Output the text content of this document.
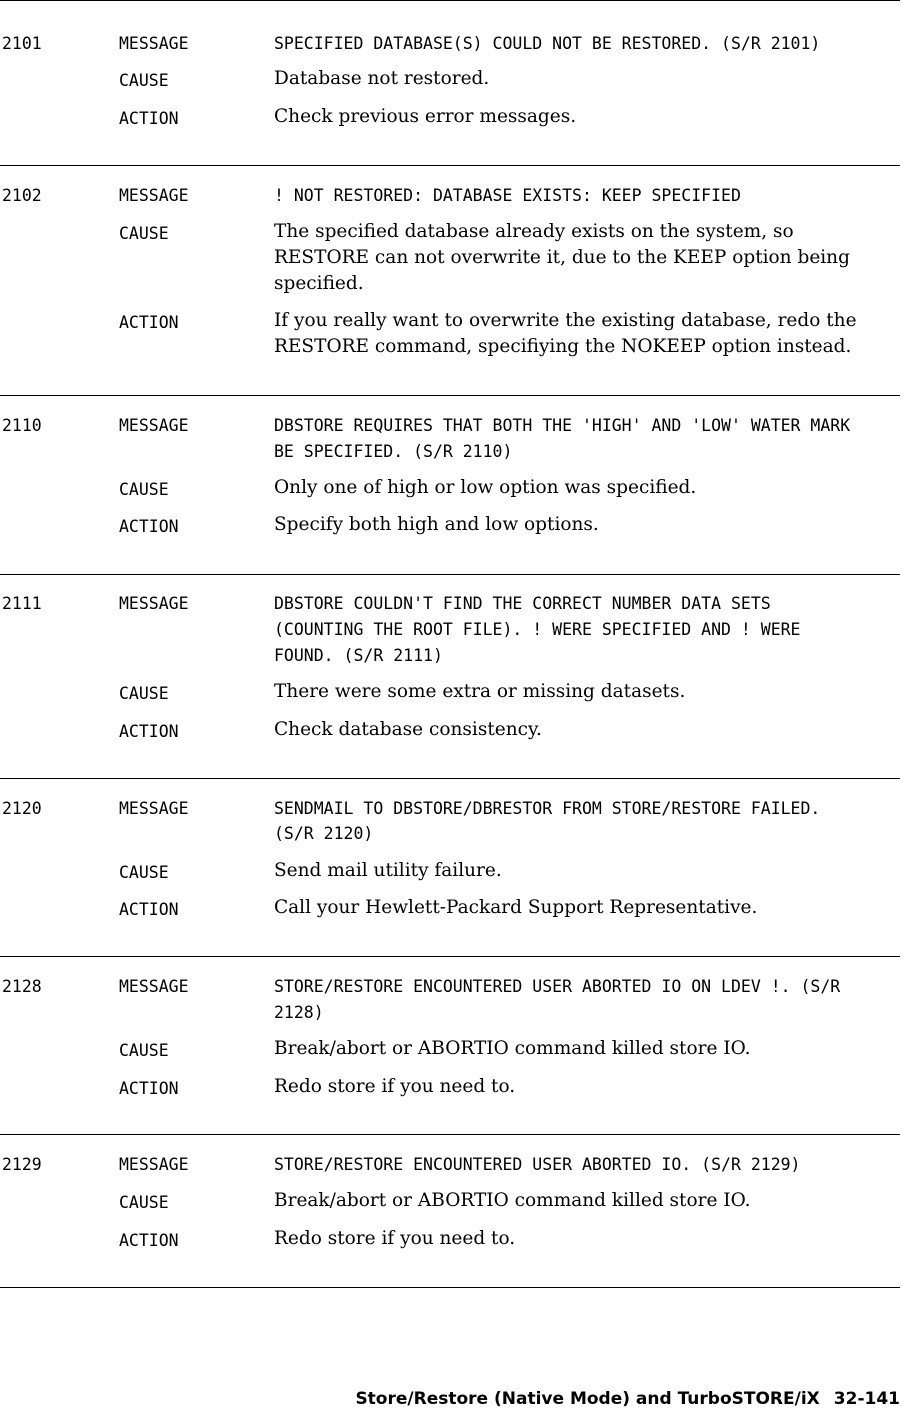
2101	MESSAGE	SPECIFIED DATABASE(S) COULD NOT BE RESTORED. (S/R 2101)
CAUSE	Database not restored.
ACTION	Check previous error messages.
2102	MESSAGE	! NOT RESTORED: DATABASE EXISTS: KEEP SPECIFIED
CAUSE	The specified database already exists on the system, so
RESTORE can not overwrite it, due to the KEEP option being
specified.
ACTION	If you really want to overwrite the existing database, redo the
RESTORE command, specifiying the NOKEEP option instead.
2110	MESSAGE	DBSTORE REQUIRES THAT BOTH THE 'HIGH' AND 'LOW' WATER MARK
BE SPECIFIED. (S/R 2110)
CAUSE	Only one of high or low option was specified.
ACTION	Specify both high and low options.
2111	MESSAGE	DBSTORE COULDN'T FIND THE CORRECT NUMBER DATA SETS
(COUNTING THE ROOT FILE). ! WERE SPECIFIED AND ! WERE
FOUND. (S/R 2111)
CAUSE	There were some extra or missing datasets.
ACTION	Check database consistency.
2120	MESSAGE	SENDMAIL TO DBSTORE/DBRESTOR FROM STORE/RESTORE FAILED.
(S/R 2120)
CAUSE	Send mail utility failure.
ACTION	Call your Hewlett-Packard Support Representative.
2128	MESSAGE	STORE/RESTORE ENCOUNTERED USER ABORTED IO ON LDEV !. (S/R
2128)
CAUSE	Break/abort or ABORTIO command killed store IO.
ACTION	Redo store if you need to.
2129	MESSAGE	STORE/RESTORE ENCOUNTERED USER ABORTED IO. (S/R 2129)
CAUSE	Break/abort or ABORTIO command killed store IO.
ACTION	Redo store if you need to.

Store/Restore (Native Mode) and TurboSTORE/iX 32-141
